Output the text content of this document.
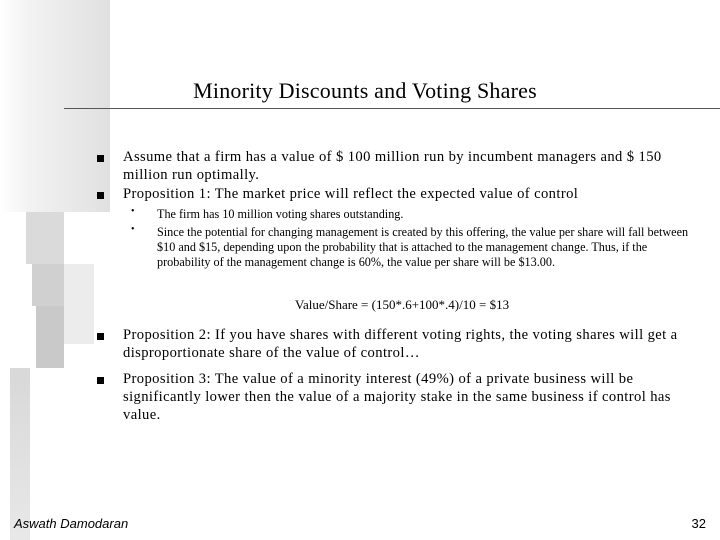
Minority Discounts and Voting Shares
Assume that a firm has a value of $ 100 million run by incumbent managers and $ 150 million run optimally.
Proposition 1: The market price will reflect the expected value of control
• The firm has 10 million voting shares outstanding.
• Since the potential for changing management is created by this offering, the value per share will fall between $10 and $15, depending upon the probability that is attached to the management change. Thus, if the probability of the management change is 60%, the value per share will be $13.00.
Value/Share = (150*.6+100*.4)/10 = $13
Proposition 2: If you have shares with different voting rights, the voting shares will get a disproportionate share of the value of control…
Proposition 3: The value of a minority interest (49%) of a private business will be significantly lower then the value of a majority stake in the same business if control has value.
Aswath Damodaran	32
